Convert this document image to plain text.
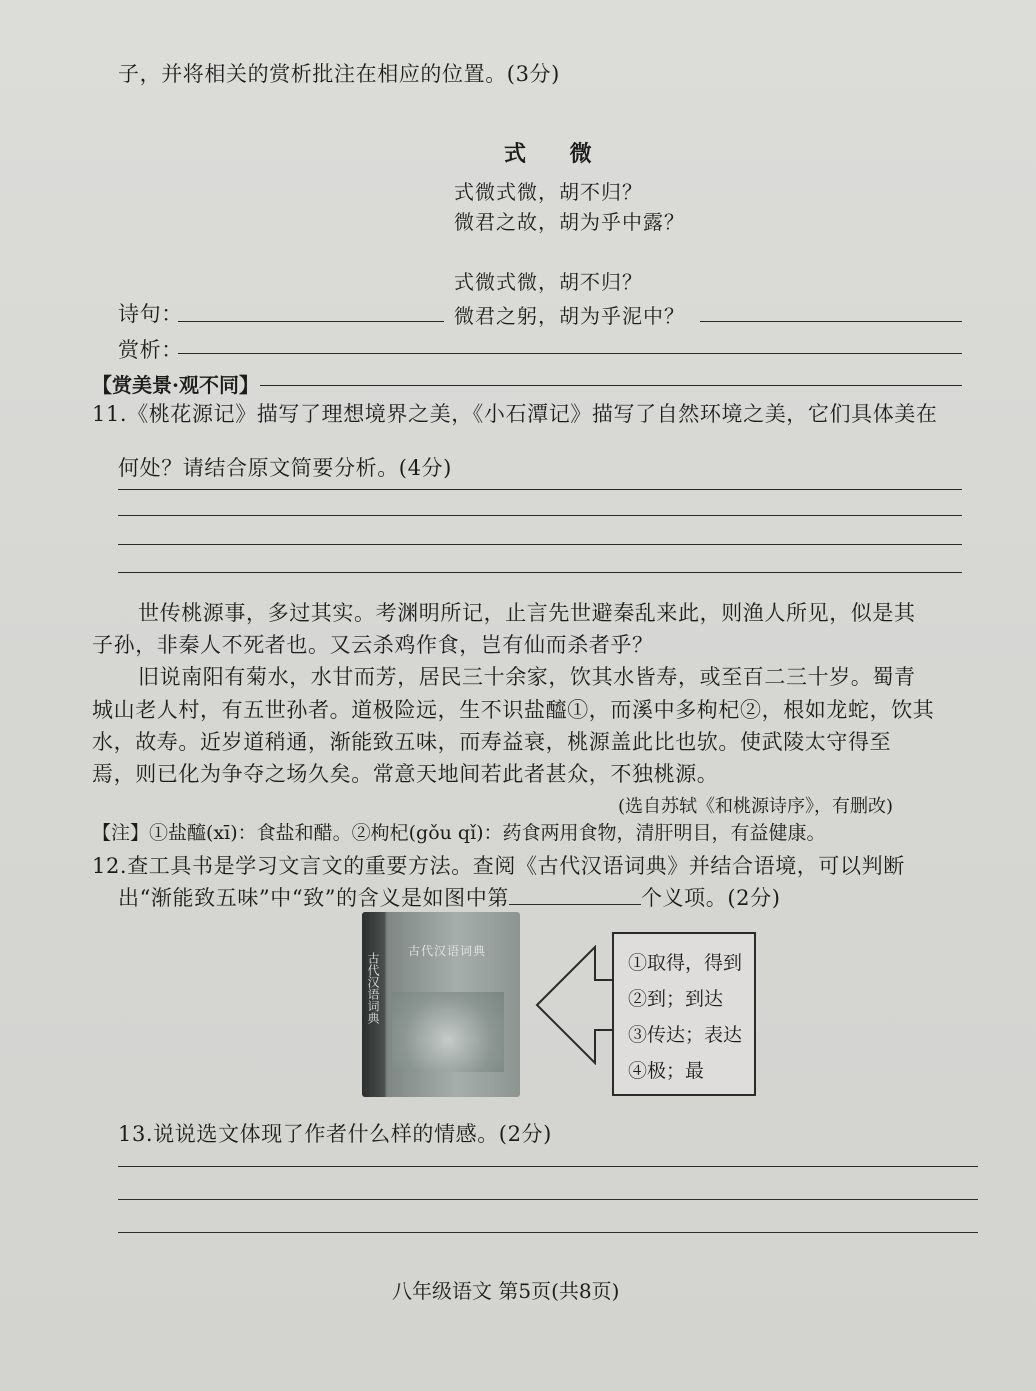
子，并将相关的赏析批注在相应的位置。(3分)
式 微
式微式微，胡不归？
微君之故，胡为乎中露？
式微式微，胡不归？
微君之躬，胡为乎泥中？
诗句：
赏析：
【赏美景·观不同】
11.《桃花源记》描写了理想境界之美，《小石潭记》描写了自然环境之美，它们具体美在
何处？请结合原文简要分析。(4分)
世传桃源事，多过其实。考渊明所记，止言先世避秦乱来此，则渔人所见，似是其
子孙，非秦人不死者也。又云杀鸡作食，岂有仙而杀者乎？
旧说南阳有菊水，水甘而芳，居民三十余家，饮其水皆寿，或至百二三十岁。蜀青
城山老人村，有五世孙者。道极险远，生不识盐醯①，而溪中多枸杞②，根如龙蛇，饮其
水，故寿。近岁道稍通，渐能致五味，而寿益衰，桃源盖此比也欤。使武陵太守得至
焉，则已化为争夺之场久矣。常意天地间若此者甚众，不独桃源。
(选自苏轼《和桃源诗序》，有删改)
【注】①盐醯(xī)：食盐和醋。②枸杞(gǒu qǐ)：药食两用食物，清肝明目，有益健康。
12.查工具书是学习文言文的重要方法。查阅《古代汉语词典》并结合语境，可以判断
出“渐能致五味”中“致”的含义是如图中第	个义项。(2分)
古代汉语词典
古代汉语词典
①取得，得到
②到；到达
③传达；表达
④极；最
13.说说选文体现了作者什么样的情感。(2分)
八年级语文 第5页(共8页)
